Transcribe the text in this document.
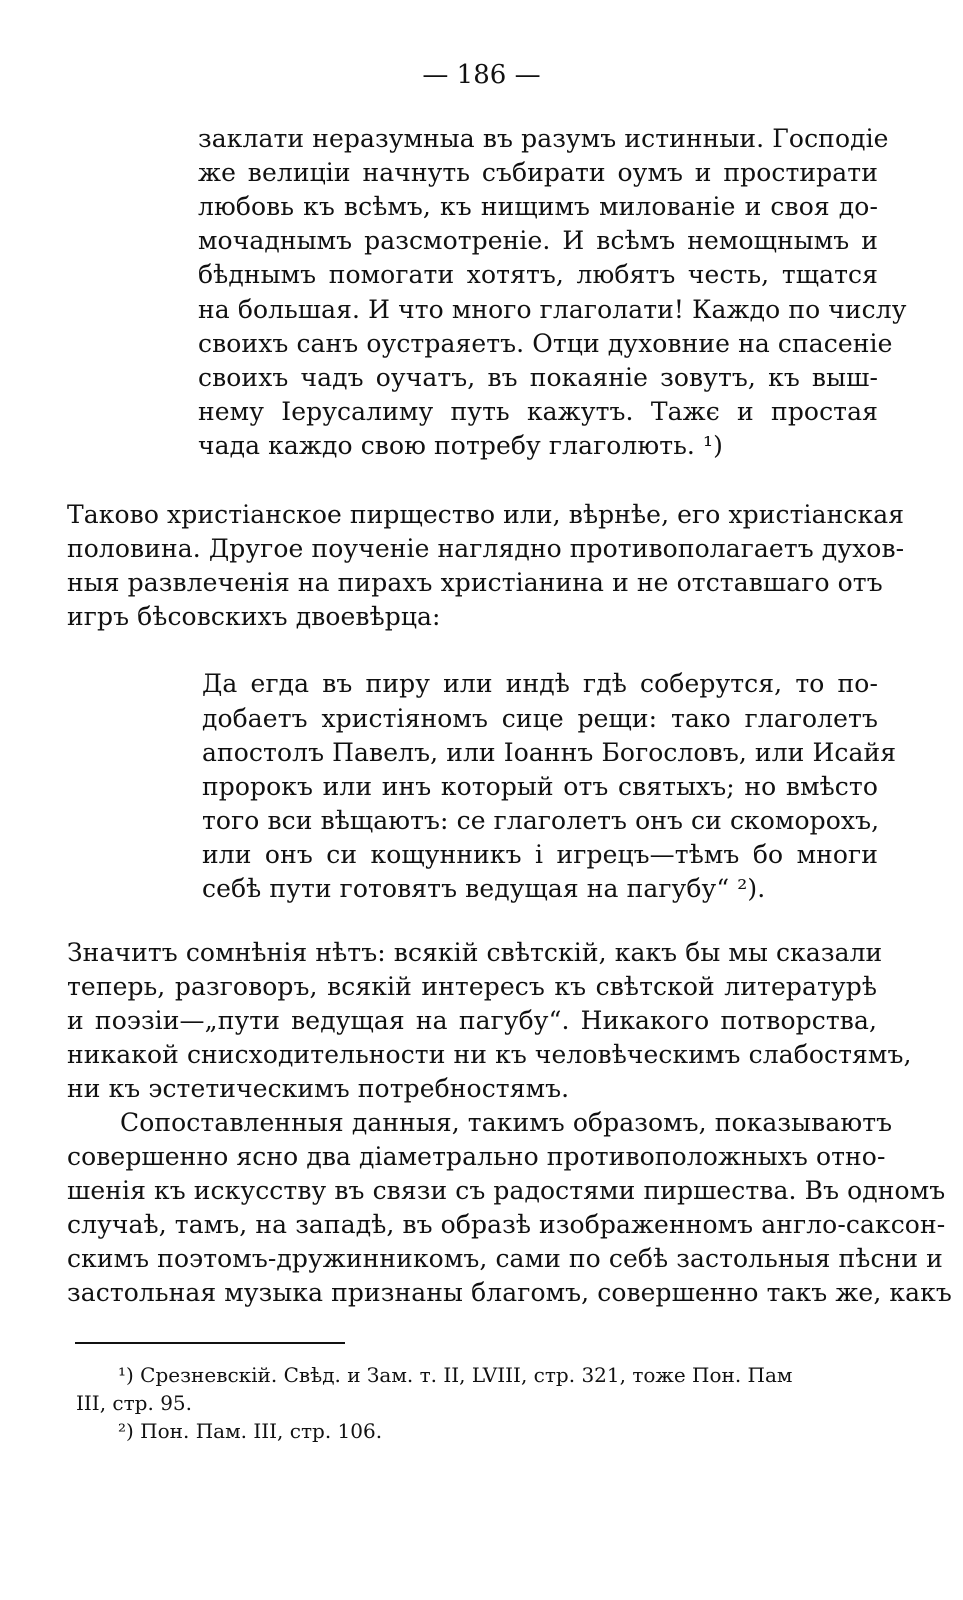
— 186 —
заклати неразумныа въ разумъ истинныи. Господіе
же велиціи начнуть събирати оумъ и простирати
любовь къ всѣмъ, къ нищимъ милованіе и своя до-
мочаднымъ разсмотреніе. И всѣмъ немощнымъ и
бѣднымъ помогати хотятъ, любятъ честь, тщатся
на большая. И что много глаголати! Каждо по числу
своихъ санъ оустраяетъ. Отци духовние на спасеніе
своихъ чадъ оучатъ, въ покаяніе зовутъ, къ выш-
нему Іерусалиму путь кажутъ. Тажє и простая
чада каждо свою потребу глаголють. ¹)
Таково христіанское пирщество или, вѣрнѣе, его христіанская
половина. Другое поученіе наглядно противополагаетъ духов-
ныя развлеченія на пирахъ христіанина и не отставшаго отъ
игръ бѣсовскихъ двоевѣрца:
Да егда въ пиру или индѣ гдѣ соберутся, то по-
добаетъ христіяномъ сице рещи: тако глаголетъ
апостолъ Павелъ, или Іоаннъ Богословъ, или Исайя
пророкъ или инъ который отъ святыхъ; но вмѣсто
того вси вѣщаютъ: се глаголетъ онъ си скоморохъ,
или онъ си кощунникъ і игрецъ—тѣмъ бо многи
себѣ пути готовятъ ведущая на пагубу“ ²).
Значитъ сомнѣнія нѣтъ: всякій свѣтскій, какъ бы мы сказали
теперь, разговоръ, всякій интересъ къ свѣтской литературѣ
и поэзіи—„пути ведущая на пагубу“. Никакого потворства,
никакой снисходительности ни къ человѣческимъ слабостямъ,
ни къ эстетическимъ потребностямъ.
Сопоставленныя данныя, такимъ образомъ, показываютъ
совершенно ясно два діаметрально противоположныхъ отно-
шенія къ искусству въ связи съ радостями пиршества. Въ одномъ
случаѣ, тамъ, на западѣ, въ образѣ изображенномъ англо-саксон-
скимъ поэтомъ-дружинникомъ, сами по себѣ застольныя пѣсни и
застольная музыка признаны благомъ, совершенно такъ же, какъ
¹) Срезневскій. Свѣд. и Зам. т. II, LVIII, стр. 321, тоже Пон. Пам
III, стр. 95.
²) Пон. Пам. III, стр. 106.
